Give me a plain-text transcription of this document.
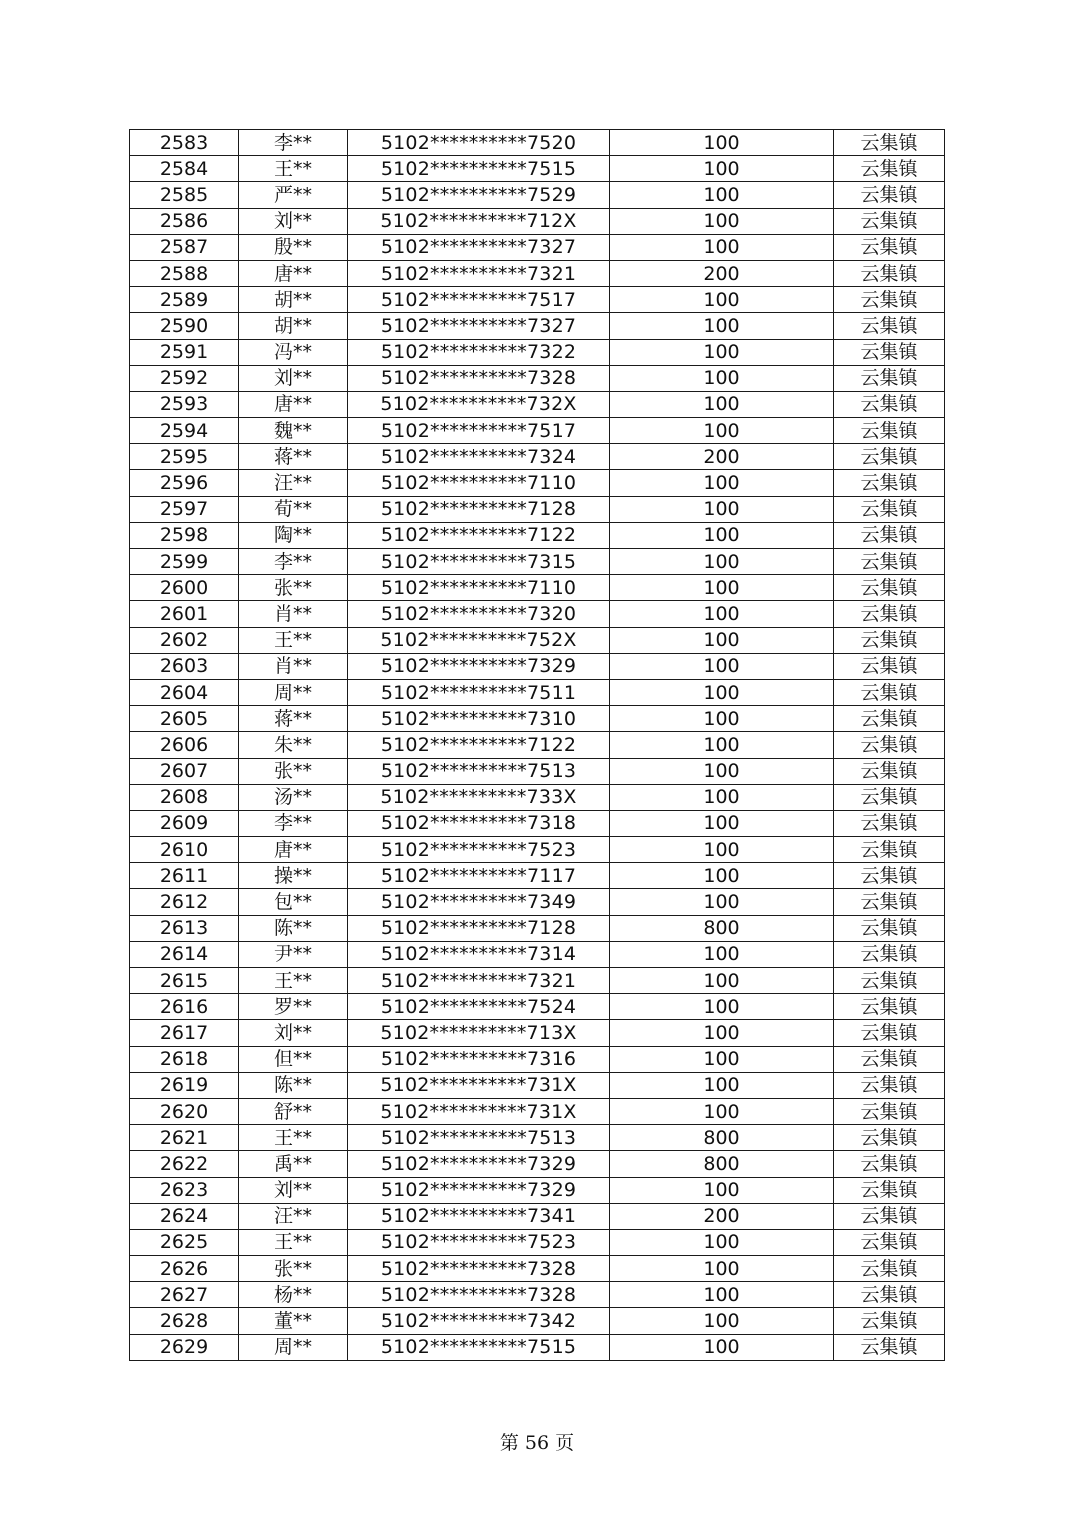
2583	李**	5102**********7520	100	云集镇
2584	王**	5102**********7515	100	云集镇
2585	严**	5102**********7529	100	云集镇
2586	刘**	5102**********712X	100	云集镇
2587	殷**	5102**********7327	100	云集镇
2588	唐**	5102**********7321	200	云集镇
2589	胡**	5102**********7517	100	云集镇
2590	胡**	5102**********7327	100	云集镇
2591	冯**	5102**********7322	100	云集镇
2592	刘**	5102**********7328	100	云集镇
2593	唐**	5102**********732X	100	云集镇
2594	魏**	5102**********7517	100	云集镇
2595	蒋**	5102**********7324	200	云集镇
2596	汪**	5102**********7110	100	云集镇
2597	荀**	5102**********7128	100	云集镇
2598	陶**	5102**********7122	100	云集镇
2599	李**	5102**********7315	100	云集镇
2600	张**	5102**********7110	100	云集镇
2601	肖**	5102**********7320	100	云集镇
2602	王**	5102**********752X	100	云集镇
2603	肖**	5102**********7329	100	云集镇
2604	周**	5102**********7511	100	云集镇
2605	蒋**	5102**********7310	100	云集镇
2606	朱**	5102**********7122	100	云集镇
2607	张**	5102**********7513	100	云集镇
2608	汤**	5102**********733X	100	云集镇
2609	李**	5102**********7318	100	云集镇
2610	唐**	5102**********7523	100	云集镇
2611	操**	5102**********7117	100	云集镇
2612	包**	5102**********7349	100	云集镇
2613	陈**	5102**********7128	800	云集镇
2614	尹**	5102**********7314	100	云集镇
2615	王**	5102**********7321	100	云集镇
2616	罗**	5102**********7524	100	云集镇
2617	刘**	5102**********713X	100	云集镇
2618	但**	5102**********7316	100	云集镇
2619	陈**	5102**********731X	100	云集镇
2620	舒**	5102**********731X	100	云集镇
2621	王**	5102**********7513	800	云集镇
2622	禹**	5102**********7329	800	云集镇
2623	刘**	5102**********7329	100	云集镇
2624	汪**	5102**********7341	200	云集镇
2625	王**	5102**********7523	100	云集镇
2626	张**	5102**********7328	100	云集镇
2627	杨**	5102**********7328	100	云集镇
2628	董**	5102**********7342	100	云集镇
2629	周**	5102**********7515	100	云集镇
第 56 页
